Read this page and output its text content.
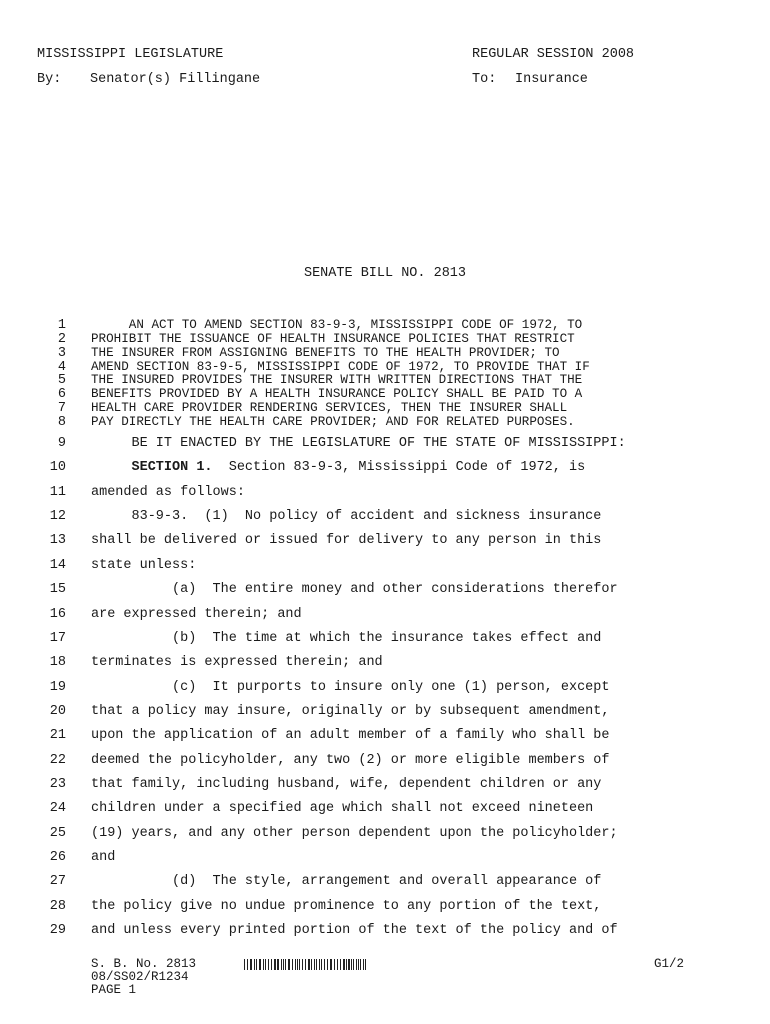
MISSISSIPPI LEGISLATURE	REGULAR SESSION 2008
By: Senator(s) Fillingane	To: Insurance
SENATE BILL NO. 2813
1 AN ACT TO AMEND SECTION 83-9-3, MISSISSIPPI CODE OF 1972, TO
2 PROHIBIT THE ISSUANCE OF HEALTH INSURANCE POLICIES THAT RESTRICT
3 THE INSURER FROM ASSIGNING BENEFITS TO THE HEALTH PROVIDER; TO
4 AMEND SECTION 83-9-5, MISSISSIPPI CODE OF 1972, TO PROVIDE THAT IF
5 THE INSURED PROVIDES THE INSURER WITH WRITTEN DIRECTIONS THAT THE
6 BENEFITS PROVIDED BY A HEALTH INSURANCE POLICY SHALL BE PAID TO A
7 HEALTH CARE PROVIDER RENDERING SERVICES, THEN THE INSURER SHALL
8 PAY DIRECTLY THE HEALTH CARE PROVIDER; AND FOR RELATED PURPOSES.
9 BE IT ENACTED BY THE LEGISLATURE OF THE STATE OF MISSISSIPPI:
10 SECTION 1.  Section 83-9-3, Mississippi Code of 1972, is
11 amended as follows:
12 83-9-3.  (1)  No policy of accident and sickness insurance
13 shall be delivered or issued for delivery to any person in this
14 state unless:
15 (a)  The entire money and other considerations therefor
16 are expressed therein; and
17 (b)  The time at which the insurance takes effect and
18 terminates is expressed therein; and
19 (c)  It purports to insure only one (1) person, except
20 that a policy may insure, originally or by subsequent amendment,
21 upon the application of an adult member of a family who shall be
22 deemed the policyholder, any two (2) or more eligible members of
23 that family, including husband, wife, dependent children or any
24 children under a specified age which shall not exceed nineteen
25 (19) years, and any other person dependent upon the policyholder;
26 and
27 (d)  The style, arrangement and overall appearance of
28 the policy give no undue prominence to any portion of the text,
29 and unless every printed portion of the text of the policy and of
S. B. No. 2813	G1/2
08/SS02/R1234
PAGE 1
